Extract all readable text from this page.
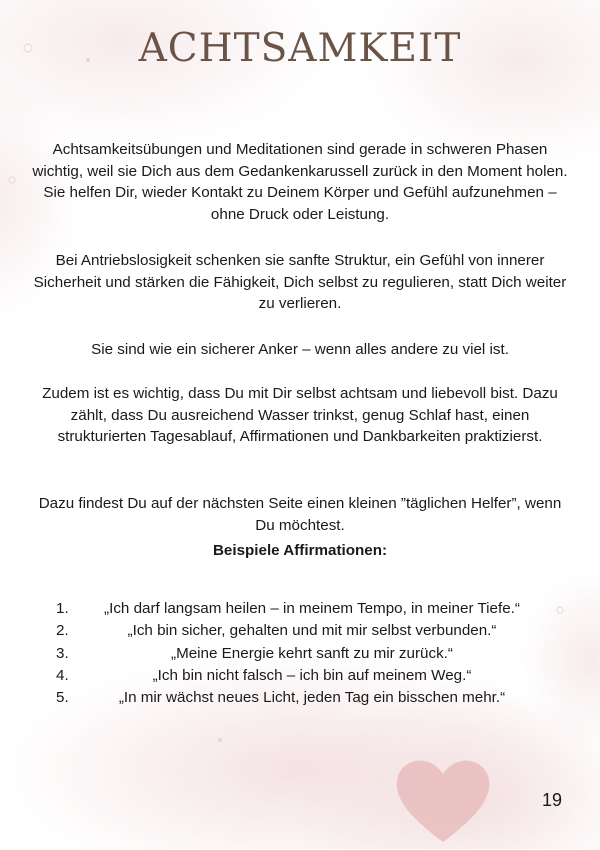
ACHTSAMKEIT

Achtsamkeitsübungen und Meditationen sind gerade in schweren Phasen wichtig, weil sie Dich aus dem Gedankenkarussell zurück in den Moment holen. Sie helfen Dir, wieder Kontakt zu Deinem Körper und Gefühl aufzunehmen – ohne Druck oder Leistung.

Bei Antriebslosigkeit schenken sie sanfte Struktur, ein Gefühl von innerer Sicherheit und stärken die Fähigkeit, Dich selbst zu regulieren, statt Dich weiter zu verlieren.

Sie sind wie ein sicherer Anker – wenn alles andere zu viel ist.

Zudem ist es wichtig, dass Du mit Dir selbst achtsam und liebevoll bist. Dazu zählt, dass Du ausreichend Wasser trinkst, genug Schlaf hast, einen strukturierten Tagesablauf, Affirmationen und Dankbarkeiten praktizierst.

Dazu findest Du auf der nächsten Seite einen kleinen ”täglichen Helfer”, wenn Du möchtest.

Beispiele Affirmationen:

1.	„Ich darf langsam heilen – in meinem Tempo, in meiner Tiefe.“
2.	„Ich bin sicher, gehalten und mit mir selbst verbunden.“
3.	„Meine Energie kehrt sanft zu mir zurück.“
4.	„Ich bin nicht falsch – ich bin auf meinem Weg.“
5.	„In mir wächst neues Licht, jeden Tag ein bisschen mehr.“
19
